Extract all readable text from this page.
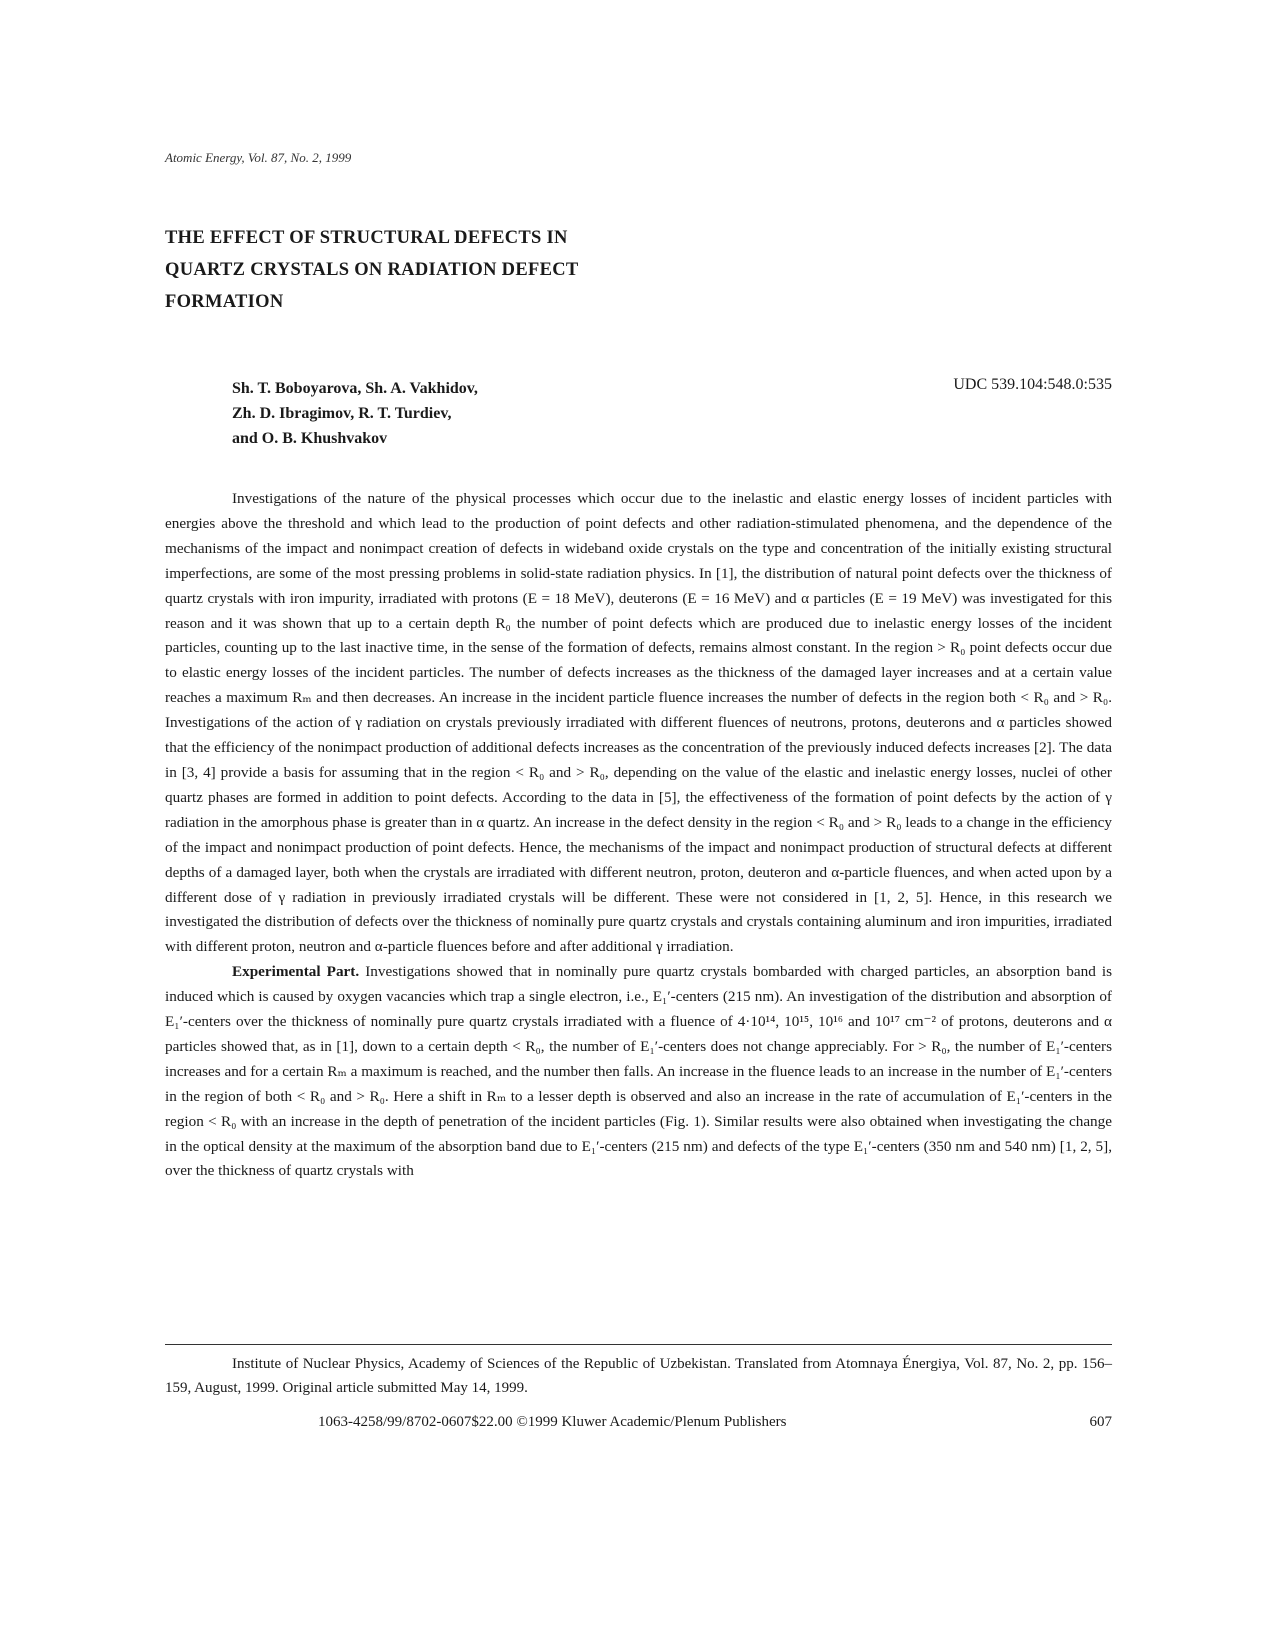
Atomic Energy, Vol. 87, No. 2, 1999
THE EFFECT OF STRUCTURAL DEFECTS IN QUARTZ CRYSTALS ON RADIATION DEFECT FORMATION
Sh. T. Boboyarova, Sh. A. Vakhidov,
Zh. D. Ibragimov, R. T. Turdiev,
and O. B. Khushvakov
UDC 539.104:548.0:535

Investigations of the nature of the physical processes which occur due to the inelastic and elastic energy losses of incident particles with energies above the threshold and which lead to the production of point defects and other radiation-stimulated phenomena, and the dependence of the mechanisms of the impact and nonimpact creation of defects in wideband oxide crystals on the type and concentration of the initially existing structural imperfections, are some of the most pressing problems in solid-state radiation physics. In [1], the distribution of natural point defects over the thickness of quartz crystals with iron impurity, irradiated with protons (E = 18 MeV), deuterons (E = 16 MeV) and α particles (E = 19 MeV) was investigated for this reason and it was shown that up to a certain depth R₀ the number of point defects which are produced due to inelastic energy losses of the incident particles, counting up to the last inactive time, in the sense of the formation of defects, remains almost constant. In the region > R₀ point defects occur due to elastic energy losses of the incident particles. The number of defects increases as the thickness of the damaged layer increases and at a certain value reaches a maximum Rₘ and then decreases. An increase in the incident particle fluence increases the number of defects in the region both < R₀ and > R₀. Investigations of the action of γ radiation on crystals previously irradiated with different fluences of neutrons, protons, deuterons and α particles showed that the efficiency of the nonimpact production of additional defects increases as the concentration of the previously induced defects increases [2]. The data in [3, 4] provide a basis for assuming that in the region < R₀ and > R₀, depending on the value of the elastic and inelastic energy losses, nuclei of other quartz phases are formed in addition to point defects. According to the data in [5], the effectiveness of the formation of point defects by the action of γ radiation in the amorphous phase is greater than in α quartz. An increase in the defect density in the region < R₀ and > R₀ leads to a change in the efficiency of the impact and nonimpact production of point defects. Hence, the mechanisms of the impact and nonimpact production of structural defects at different depths of a damaged layer, both when the crystals are irradiated with different neutron, proton, deuteron and α-particle fluences, and when acted upon by a different dose of γ radiation in previously irradiated crystals will be different. These were not considered in [1, 2, 5]. Hence, in this research we investigated the distribution of defects over the thickness of nominally pure quartz crystals and crystals containing aluminum and iron impurities, irradiated with different proton, neutron and α-particle fluences before and after additional γ irradiation.

Experimental Part. Investigations showed that in nominally pure quartz crystals bombarded with charged particles, an absorption band is induced which is caused by oxygen vacancies which trap a single electron, i.e., E₁′-centers (215 nm). An investigation of the distribution and absorption of E₁′-centers over the thickness of nominally pure quartz crystals irradiated with a fluence of 4·10¹⁴, 10¹⁵, 10¹⁶ and 10¹⁷ cm⁻² of protons, deuterons and α particles showed that, as in [1], down to a certain depth < R₀, the number of E₁′-centers does not change appreciably. For > R₀, the number of E₁′-centers increases and for a certain Rₘ a maximum is reached, and the number then falls. An increase in the fluence leads to an increase in the number of E₁′-centers in the region of both < R₀ and > R₀. Here a shift in Rₘ to a lesser depth is observed and also an increase in the rate of accumulation of E₁′-centers in the region < R₀ with an increase in the depth of penetration of the incident particles (Fig. 1). Similar results were also obtained when investigating the change in the optical density at the maximum of the absorption band due to E₁′-centers (215 nm) and defects of the type E₁′-centers (350 nm and 540 nm) [1, 2, 5], over the thickness of quartz crystals with

Institute of Nuclear Physics, Academy of Sciences of the Republic of Uzbekistan. Translated from Atomnaya Énergiya, Vol. 87, No. 2, pp. 156–159, August, 1999. Original article submitted May 14, 1999.

1063-4258/99/8702-0607$22.00 ©1999 Kluwer Academic/Plenum Publishers	607
